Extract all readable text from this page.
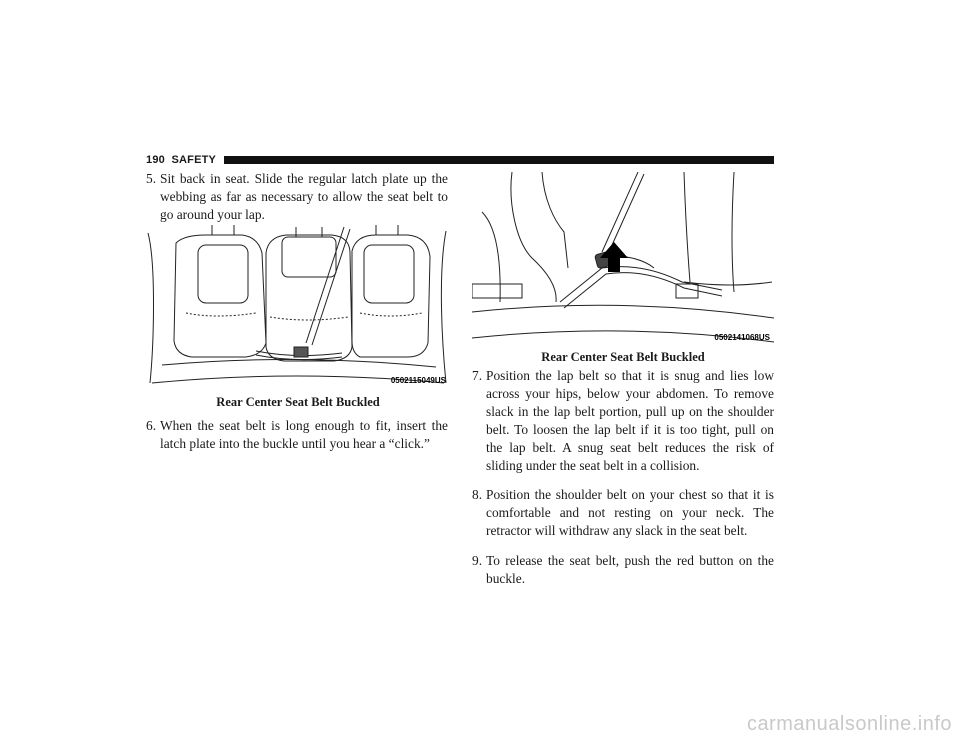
190 SAFETY
5. Sit back in seat. Slide the regular latch plate up the webbing as far as necessary to allow the seat belt to go around your lap.
0502115049US
Rear Center Seat Belt Buckled
6. When the seat belt is long enough to fit, insert the latch plate into the buckle until you hear a “click.”
0502141068US
Rear Center Seat Belt Buckled
7. Position the lap belt so that it is snug and lies low across your hips, below your abdomen. To remove slack in the lap belt portion, pull up on the shoulder belt. To loosen the lap belt if it is too tight, pull on the lap belt. A snug seat belt reduces the risk of sliding under the seat belt in a collision.
8. Position the shoulder belt on your chest so that it is comfortable and not resting on your neck. The retractor will withdraw any slack in the seat belt.
9. To release the seat belt, push the red button on the buckle.
carmanualsonline.info
